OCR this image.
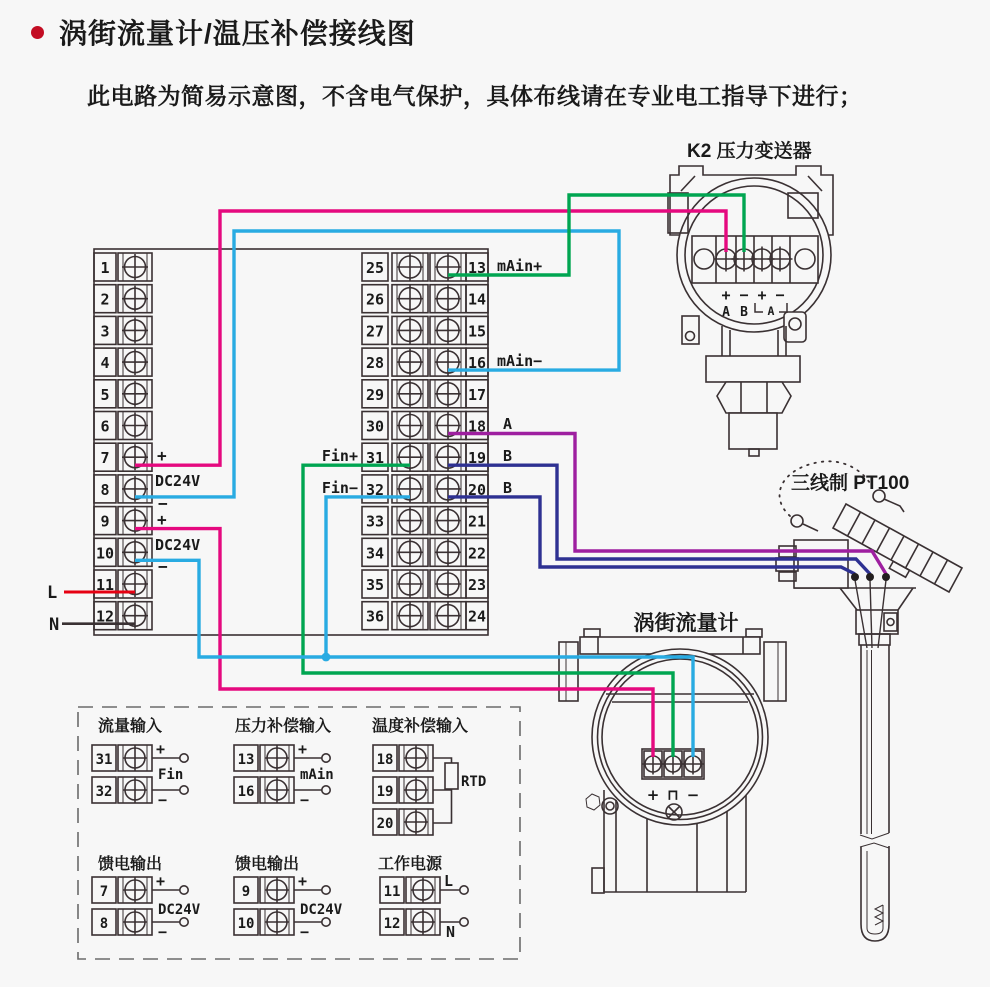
涡街流量计/温压补偿接线图

此电路为简易示意图，不含电气保护，具体布线请在专业电工指导下进行；

1
2
3
4
5
6
7
8
9
10
11
12
25	13
26	14
27	15
28	16
29	17
30	18
31	19
32	20
33	21
34	22
35	23
36	24
+
DC24V
−
+
DC24V
−
L
N
Fin+
Fin−
mAin+
mAin−
A
B
B
K2 压力变送器
+ − + −
A B A
三线制 PT100
涡街流量计
+ ⊓ −
流量输入
31
32
+
Fin
−
压力补偿输入
13
16
+
mAin
−
馈电输出
7
8
+
DC24V
−
馈电输出
9
10
+
DC24V
−
工作电源
11
12
L
N
温度补偿输入
18
19
20
RTD
